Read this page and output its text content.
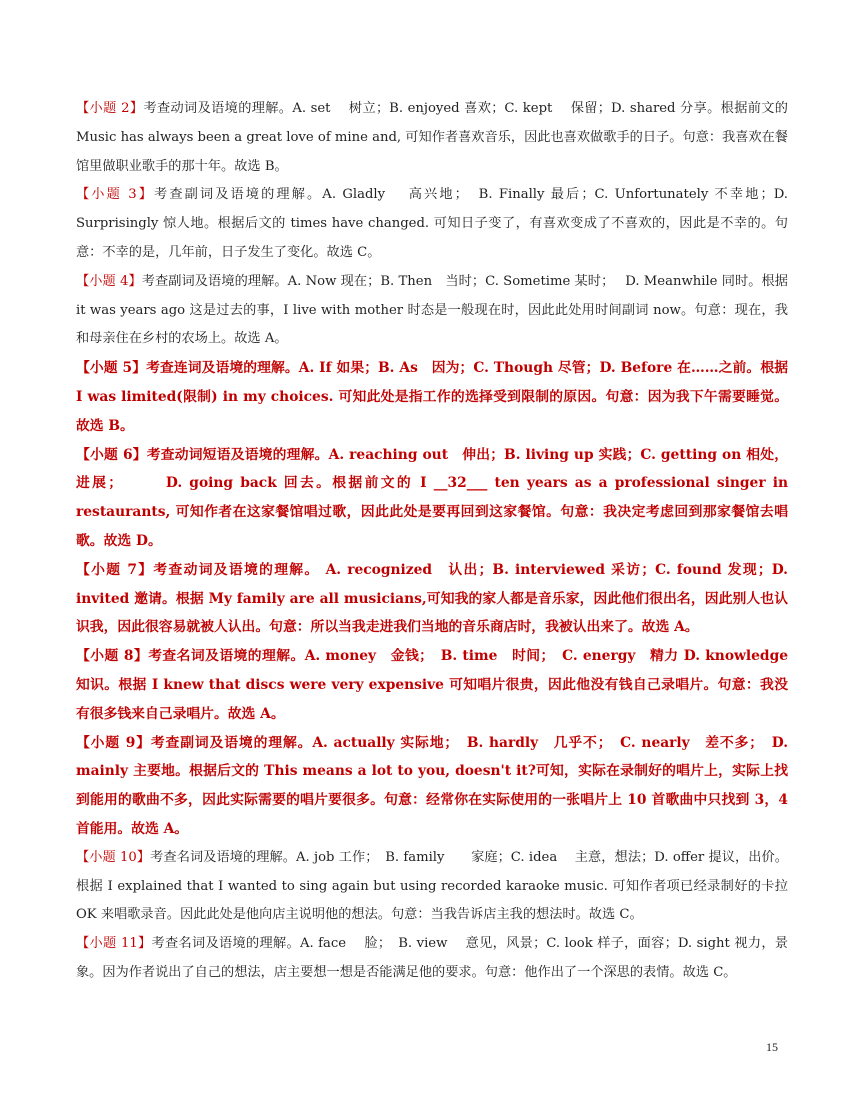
【小题 2】考查动词及语境的理解。A. set　 树立；B. enjoyed 喜欢；C. kept　 保留；D. shared 分享。根据前文的 Music has always been a great love of mine and, 可知作者喜欢音乐，因此也喜欢做歌手的日子。句意：我喜欢在餐馆里做职业歌手的那十年。故选 B。

【小题 3】考查副词及语境的理解。A. Gladly　 高兴地；　B. Finally 最后；C. Unfortunately 不幸地；D. Surprisingly 惊人地。根据后文的 times have changed. 可知日子变了，有喜欢变成了不喜欢的，因此是不幸的。句意：不幸的是，几年前，日子发生了变化。故选 C。

【小题 4】考查副词及语境的理解。A. Now 现在；B. Then　当时；C. Sometime 某时；　 D. Meanwhile 同时。根据 it was years ago 这是过去的事，I live with mother 时态是一般现在时，因此此处用时间副词 now。句意：现在，我和母亲住在乡村的农场上。故选 A。

【小题 5】考查连词及语境的理解。A. If 如果；B. As　因为；C. Though 尽管；D. Before 在……之前。根据 I was limited(限制) in my choices. 可知此处是指工作的选择受到限制的原因。句意：因为我下午需要睡觉。故选 B。

【小题 6】考查动词短语及语境的理解。A. reaching out　伸出；B. living up 实践；C. getting on 相处，进展；　　　D. going back 回去。根据前文的 I __32___ ten years as a professional singer in restaurants, 可知作者在这家餐馆唱过歌，因此此处是要再回到这家餐馆。句意：我决定考虑回到那家餐馆去唱歌。故选 D。

【小题 7】考查动词及语境的理解。 A. recognized　认出；B. interviewed 采访；C. found 发现；D. invited 邀请。根据 My family are all musicians,可知我的家人都是音乐家，因此他们很出名，因此别人也认识我，因此很容易就被人认出。句意：所以当我走进我们当地的音乐商店时，我被认出来了。故选 A。

【小题 8】考查名词及语境的理解。A. money　金钱；　B. time　时间；　C. energy　精力 D. knowledge 知识。根据 I knew that discs were very expensive 可知唱片很贵，因此他没有钱自己录唱片。句意：我没有很多钱来自己录唱片。故选 A。

【小题 9】考查副词及语境的理解。A. actually 实际地；　B. hardly　几乎不；　C. nearly　差不多；　D. mainly 主要地。根据后文的 This means a lot to you, doesn't it?可知，实际在录制好的唱片上，实际上找到能用的歌曲不多，因此实际需要的唱片要很多。句意：经常你在实际使用的一张唱片上 10 首歌曲中只找到 3，4 首能用。故选 A。

【小题 10】考查名词及语境的理解。A. job 工作；　B. family　　家庭；C. idea　 主意，想法；D. offer 提议，出价。根据 I explained that I wanted to sing again but using recorded karaoke music. 可知作者项已经录制好的卡拉 OK 来唱歌录音。因此此处是他向店主说明他的想法。句意：当我告诉店主我的想法时。故选 C。

【小题 11】考查名词及语境的理解。A. face　 脸；　B. view　 意见，风景；C. look 样子，面容；D. sight 视力，景象。因为作者说出了自己的想法，店主要想一想是否能满足他的要求。句意：他作出了一个深思的表情。故选 C。

15
